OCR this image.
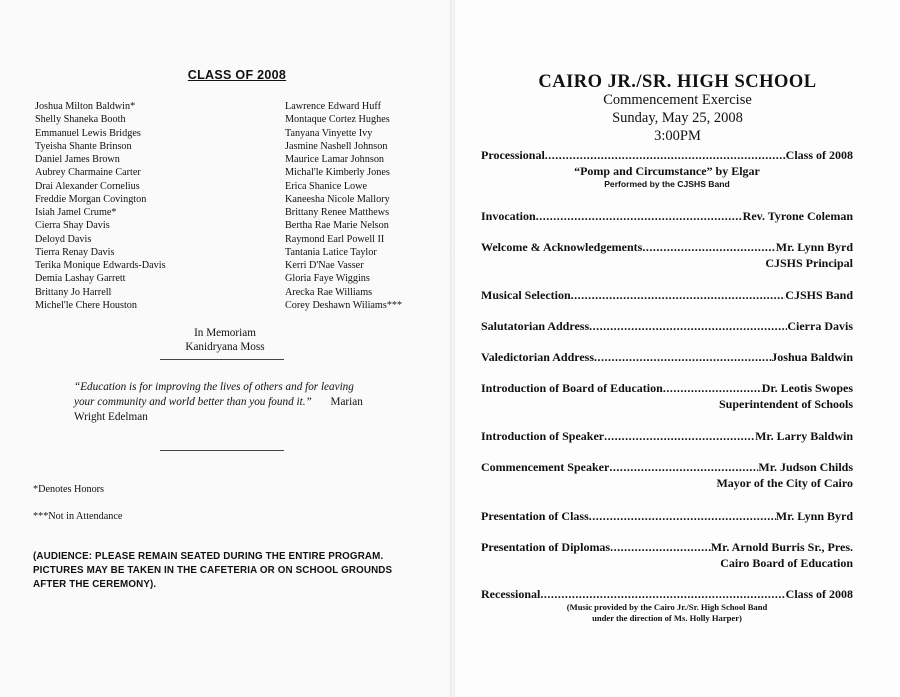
CLASS OF 2008
Joshua Milton Baldwin*
Shelly Shaneka Booth
Emmanuel Lewis Bridges
Tyeisha Shante Brinson
Daniel James Brown
Aubrey Charmaine Carter
Drai Alexander Cornelius
Freddie Morgan Covington
Isiah Jamel Crume*
Cierra Shay Davis
Deloyd Davis
Tierra Renay Davis
Terika Monique Edwards-Davis
Demia Lashay Garrett
Brittany Jo Harrell
Michel'le Chere Houston
Lawrence Edward Huff
Montaque Cortez Hughes
Tanyana Vinyette Ivy
Jasmine Nashell Johnson
Maurice Lamar Johnson
Michal'le Kimberly Jones
Erica Shanice Lowe
Kaneesha Nicole Mallory
Brittany Renee Matthews
Bertha Rae Marie Nelson
Raymond Earl Powell II
Tantania Latice Taylor
Kerri D'Nae Vasser
Gloria Faye Wiggins
Arecka Rae Williams
Corey Deshawn Wiliams***
In Memoriam
Kanidryana Moss
“Education is for improving the lives of others and for leaving your community and world better than you found it.” Marian Wright Edelman
*Denotes Honors
***Not in Attendance
(AUDIENCE: PLEASE REMAIN SEATED DURING THE ENTIRE PROGRAM. PICTURES MAY BE TAKEN IN THE CAFETERIA OR ON SCHOOL GROUNDS AFTER THE CEREMONY).
CAIRO JR./SR. HIGH SCHOOL
Commencement Exercise
Sunday, May 25, 2008
3:00PM
Processional .....	Class of 2008
“Pomp and Circumstance” by Elgar
Performed by the CJSHS Band
Invocation .....	Rev. Tyrone Coleman
Welcome & Acknowledgements .....	Mr. Lynn Byrd
CJSHS Principal
Musical Selection .....	CJSHS Band
Salutatorian Address .....	Cierra Davis
Valedictorian Address .....	Joshua Baldwin
Introduction of Board of Education .....	Dr. Leotis Swopes
Superintendent of Schools
Introduction of Speaker .....	Mr. Larry Baldwin
Commencement Speaker .....	Mr. Judson Childs
Mayor of the City of Cairo
Presentation of Class .....	Mr. Lynn Byrd
Presentation of Diplomas .....	Mr. Arnold Burris Sr., Pres.
Cairo Board of Education
Recessional .....	Class of 2008
(Music provided by the Cairo Jr./Sr. High School Band
under the direction of Ms. Holly Harper)
